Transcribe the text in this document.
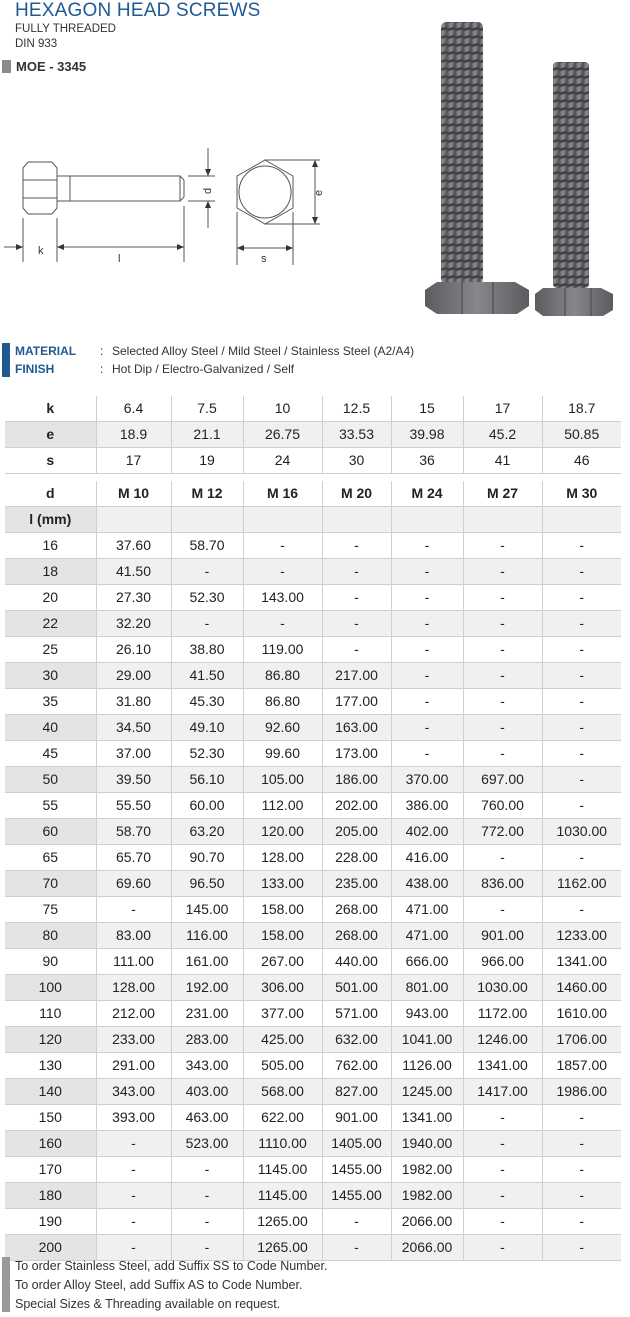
HEXAGON HEAD SCREWS
FULLY THREADED
DIN 933
MOE - 3345
d
k
l
e
s
MATERIAL	: Selected Alloy Steel / Mild Steel / Stainless Steel (A2/A4)
FINISH	: Hot Dip / Electro-Galvanized / Self
k	6.4	7.5	10	12.5	15	17	18.7
e	18.9	21.1	26.75	33.53	39.98	45.2	50.85
s	17	19	24	30	36	41	46
d	M 10	M 12	M 16	M 20	M 24	M 27	M 30
l (mm)							
16	37.60	58.70	-	-	-	-	-
18	41.50	-	-	-	-	-	-
20	27.30	52.30	143.00	-	-	-	-
22	32.20	-	-	-	-	-	-
25	26.10	38.80	119.00	-	-	-	-
30	29.00	41.50	86.80	217.00	-	-	-
35	31.80	45.30	86.80	177.00	-	-	-
40	34.50	49.10	92.60	163.00	-	-	-
45	37.00	52.30	99.60	173.00	-	-	-
50	39.50	56.10	105.00	186.00	370.00	697.00	-
55	55.50	60.00	112.00	202.00	386.00	760.00	-
60	58.70	63.20	120.00	205.00	402.00	772.00	1030.00
65	65.70	90.70	128.00	228.00	416.00	-	-
70	69.60	96.50	133.00	235.00	438.00	836.00	1162.00
75	-	145.00	158.00	268.00	471.00	-	-
80	83.00	116.00	158.00	268.00	471.00	901.00	1233.00
90	111.00	161.00	267.00	440.00	666.00	966.00	1341.00
100	128.00	192.00	306.00	501.00	801.00	1030.00	1460.00
110	212.00	231.00	377.00	571.00	943.00	1172.00	1610.00
120	233.00	283.00	425.00	632.00	1041.00	1246.00	1706.00
130	291.00	343.00	505.00	762.00	1126.00	1341.00	1857.00
140	343.00	403.00	568.00	827.00	1245.00	1417.00	1986.00
150	393.00	463.00	622.00	901.00	1341.00	-	-
160	-	523.00	1110.00	1405.00	1940.00	-	-
170	-	-	1145.00	1455.00	1982.00	-	-
180	-	-	1145.00	1455.00	1982.00	-	-
190	-	-	1265.00	-	2066.00	-	-
200	-	-	1265.00	-	2066.00	-	-
To order Stainless Steel, add Suffix SS to Code Number.
To order Alloy Steel, add Suffix AS to Code Number.
Special Sizes & Threading available on request.
